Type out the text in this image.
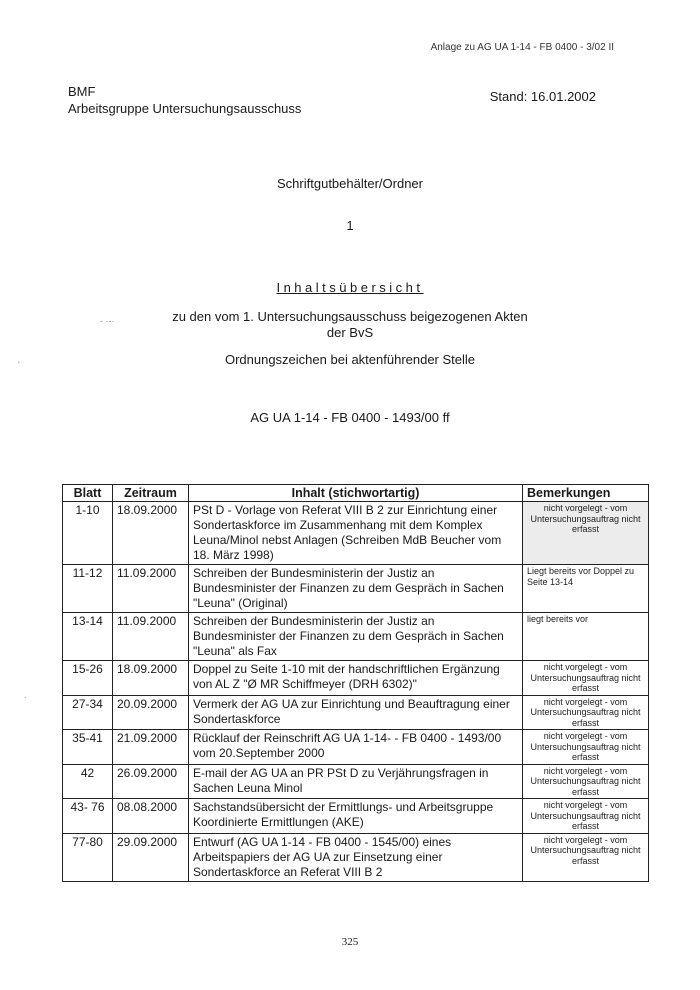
Anlage zu AG UA 1-14 - FB 0400 - 3/02 II
BMF
Arbeitsgruppe Untersuchungsausschuss
Stand: 16.01.2002
Schriftgutbehälter/Ordner
1
Inhaltsübersicht
zu den vom 1. Untersuchungsausschuss beigezogenen Akten
der BvS
Ordnungszeichen bei aktenführender Stelle
AG UA 1-14 - FB 0400 - 1493/00 ff
- ·-·
'
.
Blatt	Zeitraum	Inhalt (stichwortartig)	Bemerkungen
1-10	18.09.2000	PSt D - Vorlage von Referat VIII B 2 zur Einrichtung einer Sondertaskforce im Zusammenhang mit dem Komplex Leuna/Minol nebst Anlagen (Schreiben MdB Beucher vom 18. März 1998)	nicht vorgelegt - vom Untersuchungsauftrag nicht erfasst
11-12	11.09.2000	Schreiben der Bundesministerin der Justiz an Bundesminister der Finanzen zu dem Gespräch in Sachen "Leuna" (Original)	Liegt bereits vor Doppel zu Seite 13-14
13-14	11.09.2000	Schreiben der Bundesministerin der Justiz an Bundesminister der Finanzen zu dem Gespräch in Sachen "Leuna" als Fax	liegt bereits vor
15-26	18.09.2000	Doppel zu Seite 1-10 mit der handschriftlichen Ergänzung von AL Z "Ø MR Schiffmeyer (DRH 6302)"	nicht vorgelegt - vom Untersuchungsauftrag nicht erfasst
27-34	20.09.2000	Vermerk der AG UA zur Einrichtung und Beauftragung einer Sondertaskforce	nicht vorgelegt - vom Untersuchungsauftrag nicht erfasst
35-41	21.09.2000	Rücklauf der Reinschrift AG UA 1-14- - FB 0400 - 1493/00 vom 20.September 2000	nicht vorgelegt - vom Untersuchungsauftrag nicht erfasst
42	26.09.2000	E-mail der AG UA an PR PSt D zu Verjährungsfragen in Sachen Leuna Minol	nicht vorgelegt - vom Untersuchungsauftrag nicht erfasst
43- 76	08.08.2000	Sachstandsübersicht der Ermittlungs- und Arbeitsgruppe Koordinierte Ermittlungen (AKE)	nicht vorgelegt - vom Untersuchungsauftrag nicht erfasst
77-80	29.09.2000	Entwurf (AG UA 1-14 - FB 0400 - 1545/00) eines Arbeitspapiers der AG UA zur Einsetzung einer Sondertaskforce an Referat VIII B 2	nicht vorgelegt - vom Untersuchungsauftrag nicht erfasst
325
